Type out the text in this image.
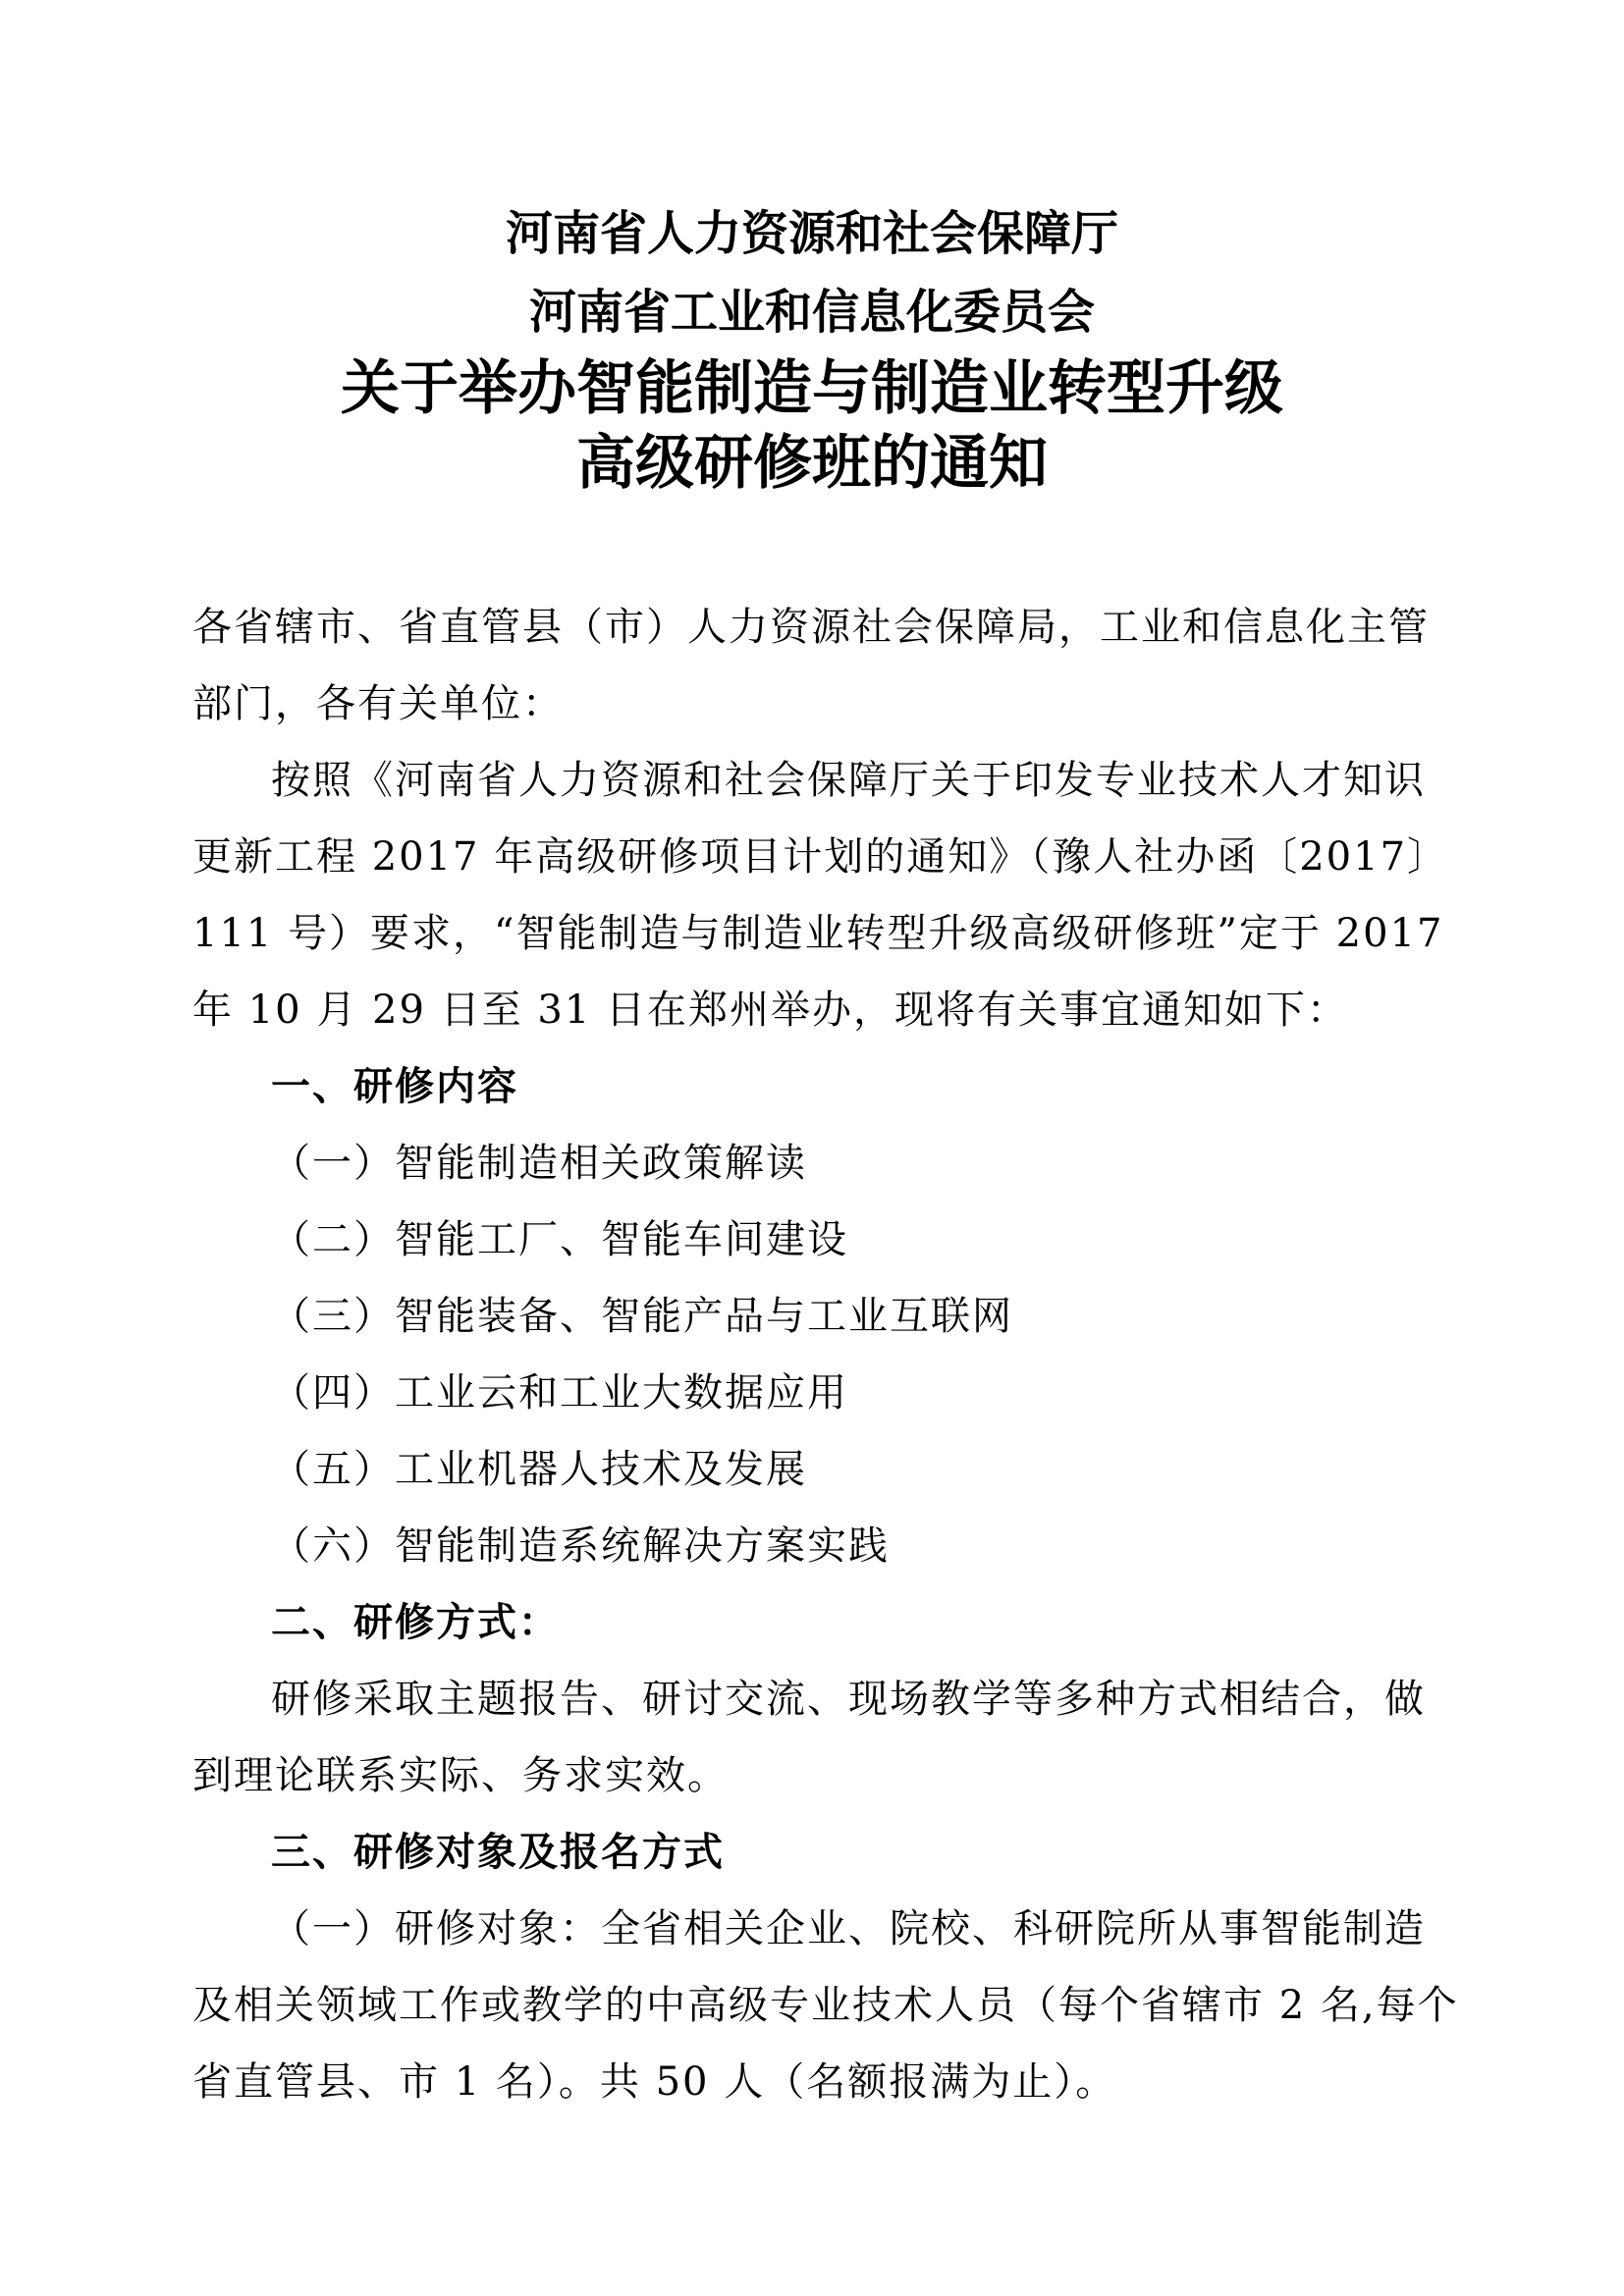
河南省人力资源和社会保障厅
河南省工业和信息化委员会
关于举办智能制造与制造业转型升级
高级研修班的通知
各省辖市、省直管县（市）人力资源社会保障局，工业和信息化主管
部门，各有关单位：
按照《河南省人力资源和社会保障厅关于印发专业技术人才知识
更新工程 2017 年高级研修项目计划的通知》（豫人社办函〔2017〕
111 号）要求，“智能制造与制造业转型升级高级研修班”定于 2017
年 10 月 29 日至 31 日在郑州举办，现将有关事宜通知如下：
一、研修内容
（一）智能制造相关政策解读
（二）智能工厂、智能车间建设
（三）智能装备、智能产品与工业互联网
（四）工业云和工业大数据应用
（五）工业机器人技术及发展
（六）智能制造系统解决方案实践
二、研修方式：
研修采取主题报告、研讨交流、现场教学等多种方式相结合，做
到理论联系实际、务求实效。
三、研修对象及报名方式
（一）研修对象：全省相关企业、院校、科研院所从事智能制造
及相关领域工作或教学的中高级专业技术人员（每个省辖市 2 名,每个
省直管县、市 1 名）。共 50 人（名额报满为止）。
